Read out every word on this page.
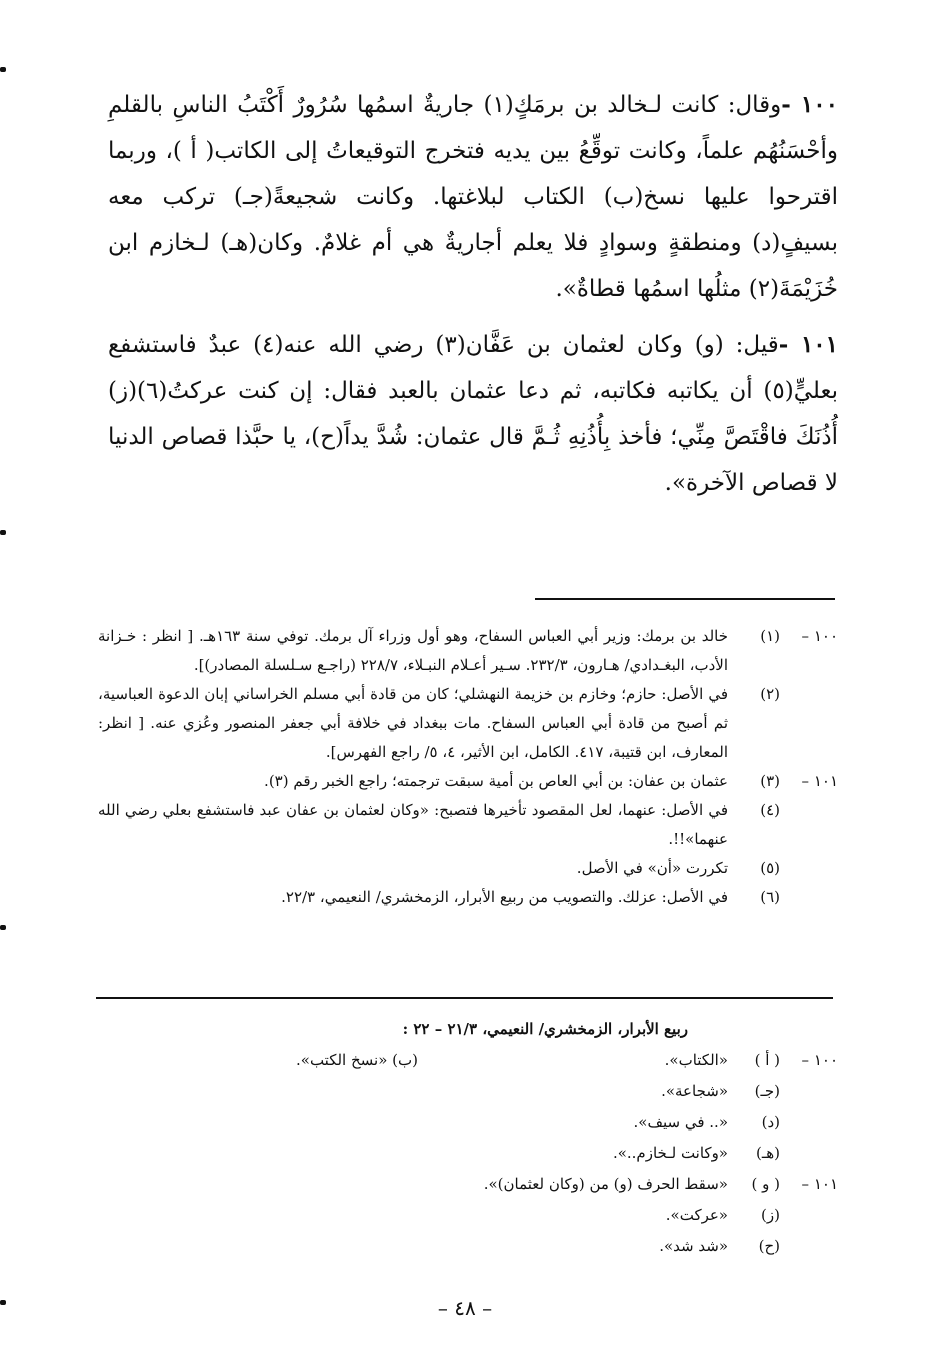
١٠٠ -وقال: كانت لـخالد بن برمَكٍ(١) جاريةٌ اسمُها سُرُورٌ أَكْتَبُ الناسِ بالقلمِ وأحْسَنُهُم علماً، وكانت توقِّعُ بين يديه فتخرج التوقيعاتُ إلى الكاتب( أ )، وربما اقترحوا عليها نسخ(ب) الكتاب لبلاغتها. وكانت شجيعةً(جـ) تركب معه بسيفٍ(د) ومنطقةٍ وسوادٍ فلا يعلم أجاريةٌ هي أم غلامٌ. وكان(هـ) لـخازم ابن خُزَيْمَةَ(٢) مثلُها اسمُها قطاةٌ».

١٠١ -قيل: (و) وكان لعثمان بن عَفَّان(٣) رضي الله عنه(٤) عبدٌ فاستشفع بعليٍّ(٥) أن يكاتبه فكاتبه، ثم دعا عثمان بالعبد فقال: إن كنت عركتُ(٦)(ز) أُذُنَكَ فاقْتَصَّ مِنِّي؛ فأخذ بِأُذُنِهِ ثُـمَّ قال عثمان: شُدَّ يداً(ح)، يا حبَّذا قصاص الدنيا لا قصاص الآخرة».

١٠٠ –
(١)
خالد بن برمك: وزير أبي العباس السفاح، وهو أول وزراء آل برمك. توفي سنة ١٦٣هـ. [ انظر : خـزانة الأدب، البغـدادي/ هـارون، ٢٣٢/٣. سـير أعـلام النبـلاء، ٢٢٨/٧ (راجـع سـلسلة المصادر)].

(٢)
في الأصل: حازم؛ وخازم بن خزيمة النهشلي؛ كان من قادة أبي مسلم الخراساني إبان الدعوة العباسية، ثم أصبح من قادة أبي العباس السفاح. مات ببغداد في خلافة أبي جعفر المنصور وعُزي عنه. [ انظر: المعارف، ابن قتيبة، ٤١٧. الكامل، ابن الأثير، ٤، ٥/ راجع الفهرس].

١٠١ –
(٣)
عثمان بن عفان: بن أبي العاص بن أمية سبقت ترجمته؛ راجع الخبر رقم (٣).

(٤)
في الأصل: عنهما، لعل المقصود تأخيرها فتصبح: «وكان لعثمان بن عفان عبد فاستشفع بعلي رضي الله عنهما»!!.

(٥)
تكررت «أن» في الأصل.

(٦)
في الأصل: عزلك. والتصويب من ربيع الأبرار، الزمخشري/ النعيمي، ٢٢/٣.

ربيع الأبرار، الزمخشري/ النعيمي، ٢١/٣ – ٢٢ :

١٠٠ –
( أ )
«الكتاب».
(ب) «نسخ الكتب».

(جـ)
«شجاعة».

(د)
«.. في سيف».

(هـ)
«وكانت لـخازم..».

١٠١ –
( و )
«سقط الحرف (و) من (وكان لعثمان)».

(ز)
«عركت».

(ح)
«شد شد».

– ٤٨ –
